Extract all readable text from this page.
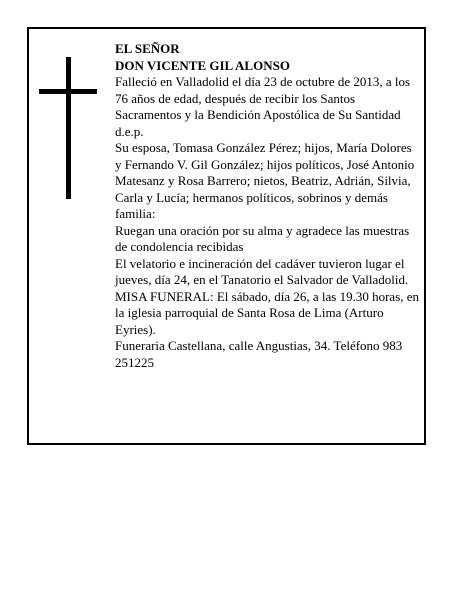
EL SEÑOR

DON VICENTE GIL ALONSO

Falleció en Valladolid el día 23 de octubre de 2013, a los 76 años de edad, después de recibir los Santos Sacramentos y la Bendición Apostólica de Su Santidad d.e.p.

Su esposa, Tomasa González Pérez; hijos, María Dolores y Fernando V. Gil González; hijos políticos, José Antonio Matesanz y Rosa Barrero; nietos, Beatriz, Adrián, Silvia, Carla y Lucía; hermanos políticos, sobrinos y demás familia:

Ruegan una oración por su alma y agradece las muestras de condolencia recibidas

El velatorio e incineración del cadáver tuvieron lugar el jueves, día 24, en el Tanatorio el Salvador de Valladolid.

MISA FUNERAL: El sábado, día 26, a las 19.30 horas, en la iglesia parroquial de Santa Rosa de Lima (Arturo Eyries).

Funeraria Castellana, calle Angustias, 34. Teléfono 983 251225
